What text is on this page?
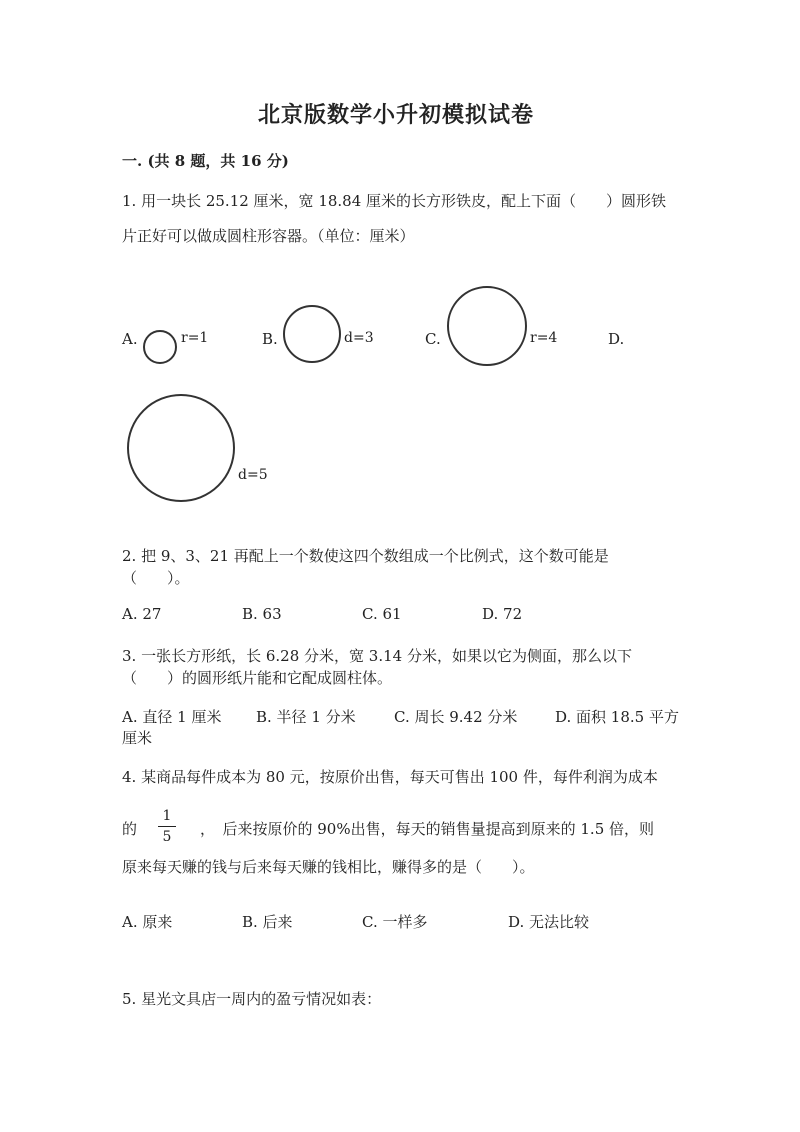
北京版数学小升初模拟试卷
一. (共 8 题，共 16 分)
1. 用一块长 25.12 厘米，宽 18.84 厘米的长方形铁皮，配上下面（　　）圆形铁
片正好可以做成圆柱形容器。（单位：厘米）
A.	r=1	B.	d=3	C.	r=4	D.
d=5
2. 把 9、3、21 再配上一个数使这四个数组成一个比例式，这个数可能是
（　　）。
A. 27	B. 63	C. 61	D. 72
3. 一张长方形纸，长 6.28 分米，宽 3.14 分米，如果以它为侧面，那么以下
（　　）的圆形纸片能和它配成圆柱体。
A. 直径 1 厘米 B. 半径 1 分米	C. 周长 9.42 分米	D. 面积 18.5 平方
厘米
4. 某商品每件成本为 80 元，按原价出售，每天可售出 100 件，每件利润为成本
的
1
5	，　后来按原价的 90%出售，每天的销售量提高到原来的 1.5 倍，则
原来每天赚的钱与后来每天赚的钱相比，赚得多的是（　　）。
A. 原来	B. 后来	C. 一样多	D. 无法比较
5. 星光文具店一周内的盈亏情况如表：
